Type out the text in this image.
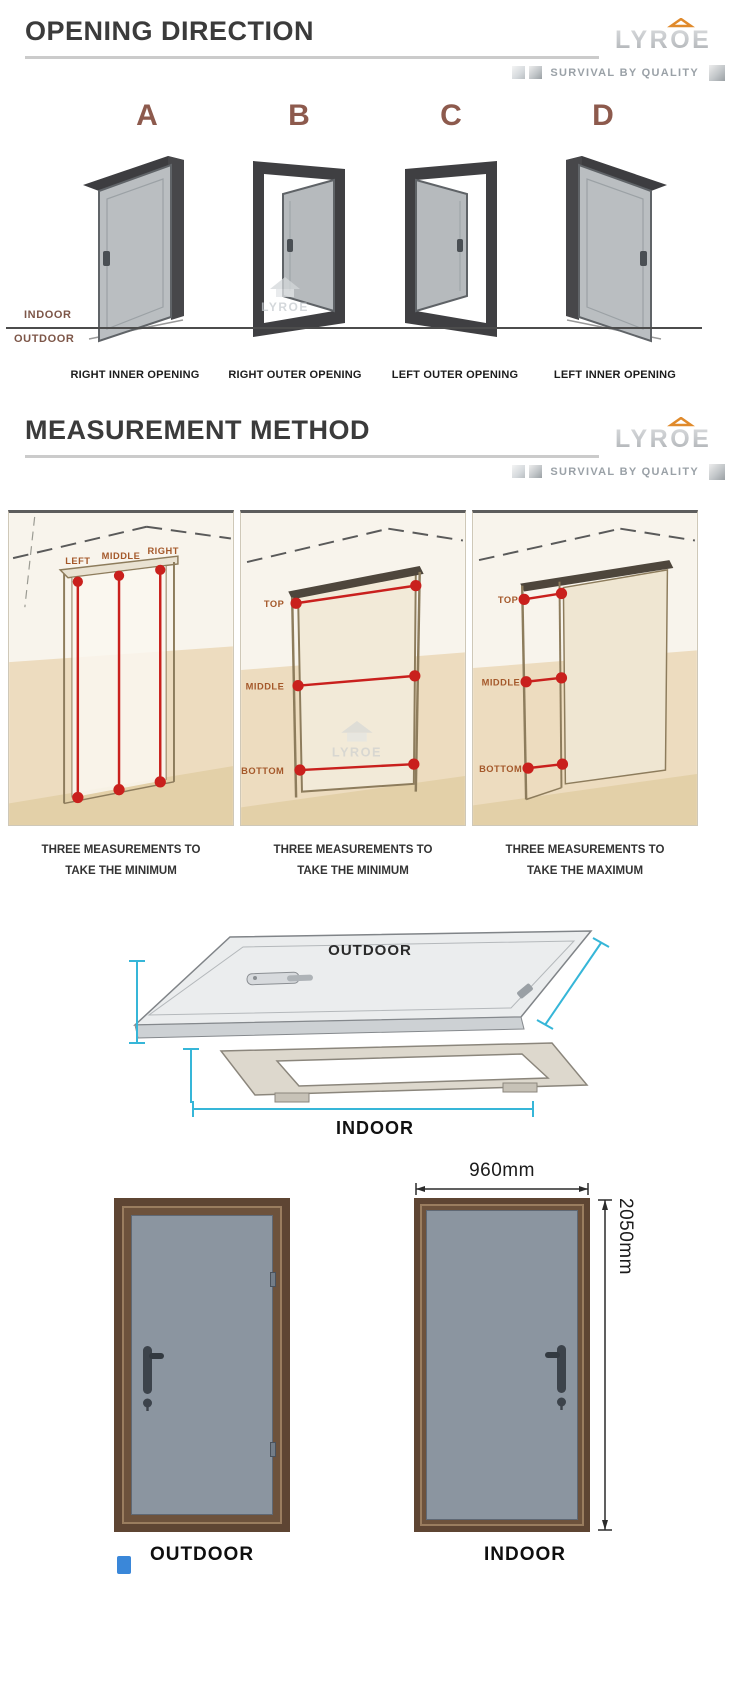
OPENING DIRECTION	LYROE
SURVIVAL BY QUALITY
A	B	C	D
LYROE
INDOOR
OUTDOOR
RIGHT INNER OPENING	RIGHT OUTER OPENING	LEFT OUTER OPENING	LEFT INNER OPENING
MEASUREMENT METHOD	LYROE
SURVIVAL BY QUALITY
LEFT MIDDLE RIGHT
LYROE
TOP
MIDDLE
BOTTOM
TOP
MIDDLE
BOTTOM
THREE MEASUREMENTS TO
TAKE THE MINIMUM
THREE MEASUREMENTS TO
TAKE THE MINIMUM
THREE MEASUREMENTS TO
TAKE THE MAXIMUM
OUTDOOR
INDOOR
OUTDOOR
960mm
2050mm
INDOOR
